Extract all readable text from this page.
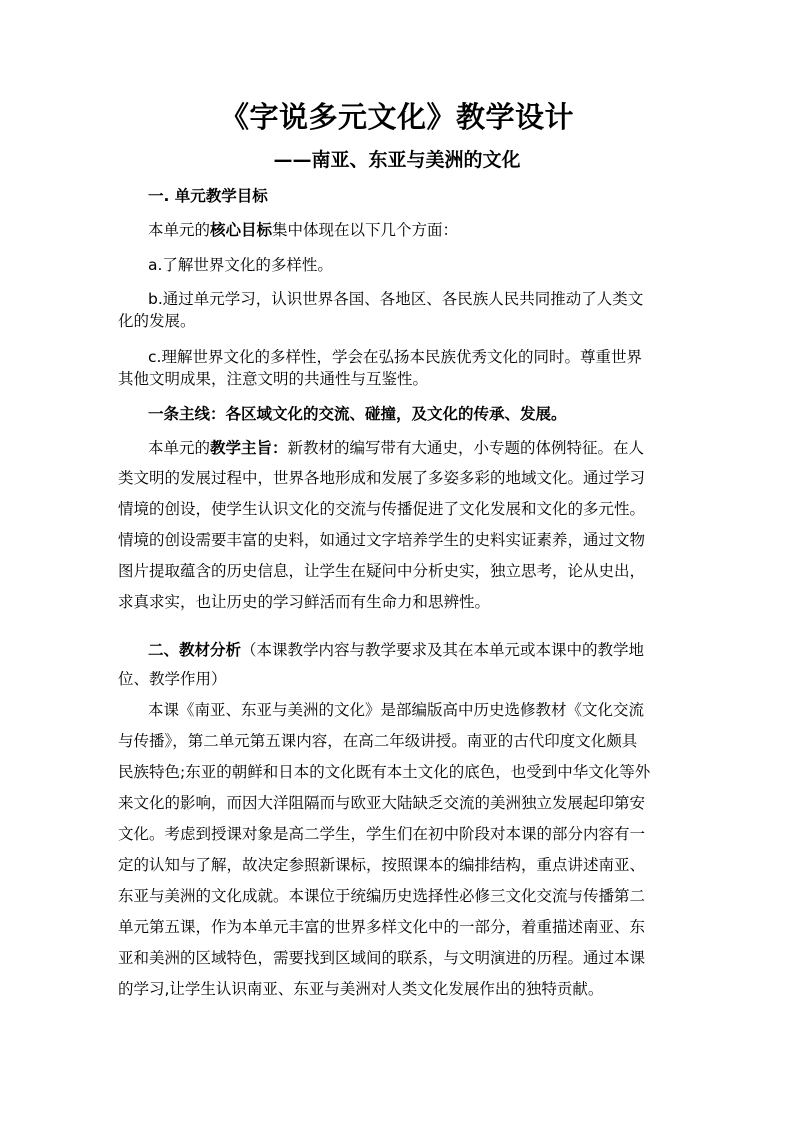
《字说多元文化》教学设计
——南亚、东亚与美洲的文化
一. 单元教学目标
本单元的核心目标集中体现在以下几个方面：
a.了解世界文化的多样性。
b.通过单元学习，认识世界各国、各地区、各民族人民共同推动了人类文
化的发展。
c.理解世界文化的多样性，学会在弘扬本民族优秀文化的同时。尊重世界
其他文明成果，注意文明的共通性与互鉴性。
一条主线：各区域文化的交流、碰撞，及文化的传承、发展。
本单元的教学主旨：新教材的编写带有大通史，小专题的体例特征。在人
类文明的发展过程中，世界各地形成和发展了多姿多彩的地域文化。通过学习
情境的创设，使学生认识文化的交流与传播促进了文化发展和文化的多元性。
情境的创设需要丰富的史料，如通过文字培养学生的史料实证素养，通过文物
图片提取蕴含的历史信息，让学生在疑问中分析史实，独立思考，论从史出，
求真求实，也让历史的学习鲜活而有生命力和思辨性。
二、教材分析（本课教学内容与教学要求及其在本单元或本课中的教学地
位、教学作用）
本课《南亚、东亚与美洲的文化》是部编版高中历史选修教材《文化交流
与传播》，第二单元第五课内容，在高二年级讲授。南亚的古代印度文化颇具
民族特色;东亚的朝鲜和日本的文化既有本土文化的底色，也受到中华文化等外
来文化的影响，而因大洋阻隔而与欧亚大陆缺乏交流的美洲独立发展起印第安
文化。考虑到授课对象是高二学生，学生们在初中阶段对本课的部分内容有一
定的认知与了解，故决定参照新课标，按照课本的编排结构，重点讲述南亚、
东亚与美洲的文化成就。本课位于统编历史选择性必修三文化交流与传播第二
单元第五课，作为本单元丰富的世界多样文化中的一部分，着重描述南亚、东
亚和美洲的区域特色，需要找到区域间的联系，与文明演进的历程。通过本课
的学习,让学生认识南亚、东亚与美洲对人类文化发展作出的独特贡献。
